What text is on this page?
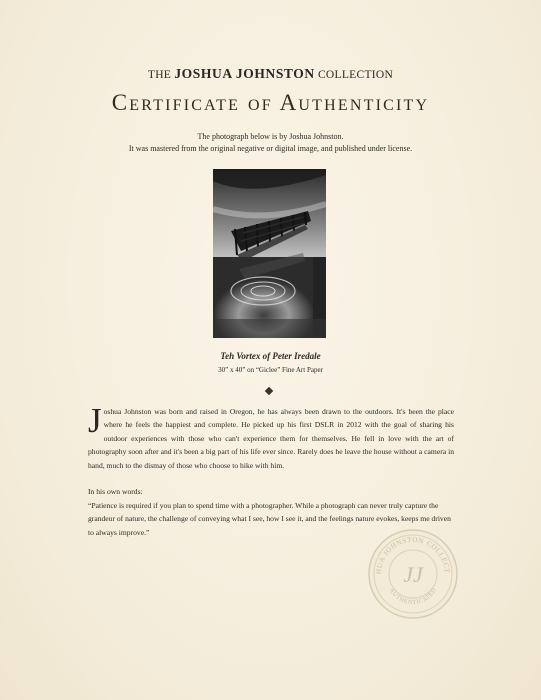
THE JOSHUA JOHNSTON COLLECTION
Certificate of Authenticity
The photograph below is by Joshua Johnston.
It was mastered from the original negative or digital image, and published under license.
Teh Vortex of Peter Iredale
30” x 40” on “Giclee” Fine Art Paper

Joshua Johnston was born and raised in Oregon, he has always been drawn to the outdoors. It's been the place where he feels the happiest and complete. He picked up his first DSLR in 2012 with the goal of sharing his outdoor experiences with those who can't experience them for themselves. He fell in love with the art of photography soon after and it's been a big part of his life ever since. Rarely does he leave the house without a camera in hand, much to the dismay of those who choose to hike with him.

In his own words:

“Patience is required if you plan to spend time with a photographer. While a photograph can never truly capture the grandeur of nature, the challenge of conveying what I see, how I see it, and the feelings nature evokes, keeps me driven to always improve.”

HUA JOHNSTON COLLECT
AUTHENTICATED
JJ
